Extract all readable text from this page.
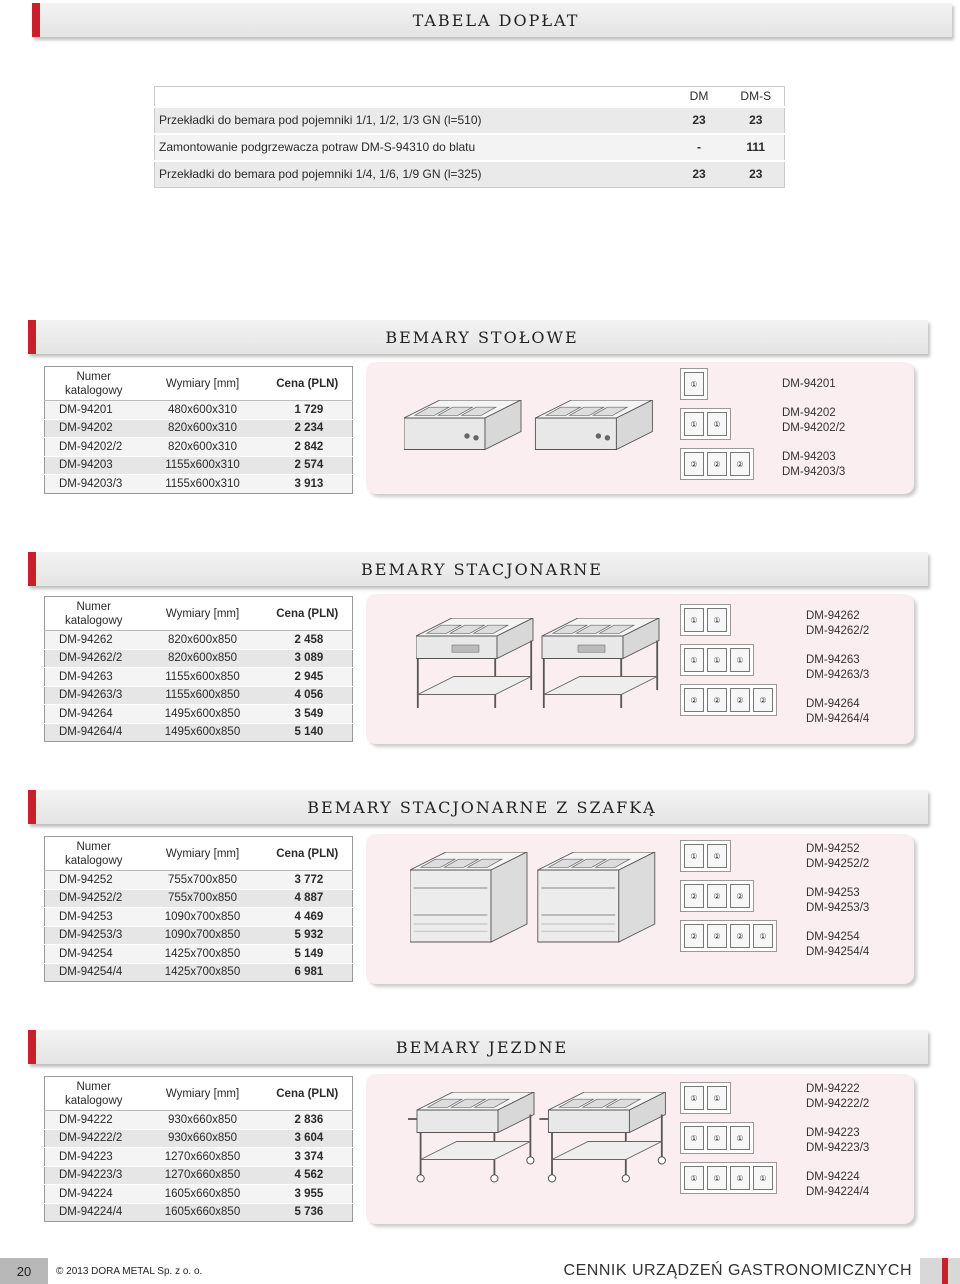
TABELA DOPŁAT
	DM	DM-S
Przekładki do bemara pod pojemniki 1/1, 1/2, 1/3 GN (l=510)	23	23
Zamontowanie podgrzewacza potraw DM-S-94310 do blatu	-	111
Przekładki do bemara pod pojemniki 1/4, 1/6, 1/9 GN (l=325)	23	23
BEMARY STOŁOWE
Numer katalogowy	Wymiary [mm]	Cena (PLN)
DM-94201	480x600x310	1 729
DM-94202	820x600x310	2 234
DM-94202/2	820x600x310	2 842
DM-94203	1155x600x310	2 574
DM-94203/3	1155x600x310	3 913
①
①	①
②	②	②
DM-94201
DM-94202
DM-94202/2
DM-94203
DM-94203/3
BEMARY STACJONARNE
Numer katalogowy	Wymiary [mm]	Cena (PLN)
DM-94262	820x600x850	2 458
DM-94262/2	820x600x850	3 089
DM-94263	1155x600x850	2 945
DM-94263/3	1155x600x850	4 056
DM-94264	1495x600x850	3 549
DM-94264/4	1495x600x850	5 140
①	①
①	①	①
②	②	②	②
DM-94262
DM-94262/2
DM-94263
DM-94263/3
DM-94264
DM-94264/4
BEMARY STACJONARNE Z SZAFKĄ
Numer katalogowy	Wymiary [mm]	Cena (PLN)
DM-94252	755x700x850	3 772
DM-94252/2	755x700x850	4 887
DM-94253	1090x700x850	4 469
DM-94253/3	1090x700x850	5 932
DM-94254	1425x700x850	5 149
DM-94254/4	1425x700x850	6 981
①	①
②	②	②
②	②	②	①
DM-94252
DM-94252/2
DM-94253
DM-94253/3
DM-94254
DM-94254/4
BEMARY JEZDNE
Numer katalogowy	Wymiary [mm]	Cena (PLN)
DM-94222	930x660x850	2 836
DM-94222/2	930x660x850	3 604
DM-94223	1270x660x850	3 374
DM-94223/3	1270x660x850	4 562
DM-94224	1605x660x850	3 955
DM-94224/4	1605x660x850	5 736
①	①
①	①	①
①	①	①	①
DM-94222
DM-94222/2
DM-94223
DM-94223/3
DM-94224
DM-94224/4
20	© 2013 DORA METAL Sp. z o. o.	CENNIK URZĄDZEŃ GASTRONOMICZNYCH
